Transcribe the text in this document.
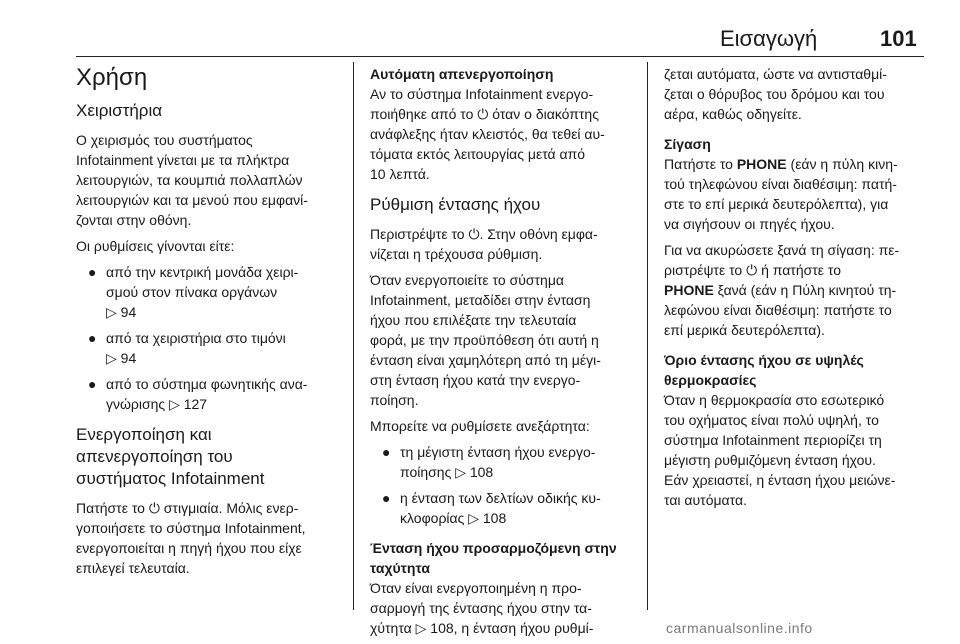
Εισαγωγή	101
Χρήση
Χειριστήρια

Ο χειρισμός του συστήματος
Infotainment γίνεται με τα πλήκτρα
λειτουργιών, τα κουμπιά πολλαπλών
λειτουργιών και τα μενού που εμφανί-
ζονται στην οθόνη.

Οι ρυθμίσεις γίνονται είτε:

● από την κεντρική μονάδα χειρι-
σμού στον πίνακα οργάνων
▷ 94
● από τα χειριστήρια στο τιμόνι
▷ 94
● από το σύστημα φωνητικής ανα-
γνώρισης ▷ 127
Ενεργοποίηση και
απενεργοποίηση του
συστήματος Infotainment

Πατήστε το ⏻ στιγμιαία. Μόλις ενερ-
γοποιήσετε το σύστημα Infotainment,
ενεργοποιείται η πηγή ήχου που είχε
επιλεγεί τελευταία.

Αυτόματη απενεργοποίηση

Αν το σύστημα Infotainment ενεργο-
ποιήθηκε από το ⏻ όταν ο διακόπτης
ανάφλεξης ήταν κλειστός, θα τεθεί αυ-
τόματα εκτός λειτουργίας μετά από
10 λεπτά.

Ρύθμιση έντασης ήχου

Περιστρέψτε το ⏻. Στην οθόνη εμφα-
νίζεται η τρέχουσα ρύθμιση.

Όταν ενεργοποιείτε το σύστημα
Infotainment, μεταδίδει στην ένταση
ήχου που επιλέξατε την τελευταία
φορά, με την προϋπόθεση ότι αυτή η
ένταση είναι χαμηλότερη από τη μέγι-
στη ένταση ήχου κατά την ενεργο-
ποίηση.

Μπορείτε να ρυθμίσετε ανεξάρτητα:

● τη μέγιστη ένταση ήχου ενεργο-
ποίησης ▷ 108
● η ένταση των δελτίων οδικής κυ-
κλοφορίας ▷ 108
Ένταση ήχου προσαρμοζόμενη στην
ταχύτητα

Όταν είναι ενεργοποιημένη η προ-
σαρμογή της έντασης ήχου στην τα-
χύτητα ▷ 108, η ένταση ήχου ρυθμί-

ζεται αυτόματα, ώστε να αντισταθμί-
ζεται ο θόρυβος του δρόμου και του
αέρα, καθώς οδηγείτε.

Σίγαση

Πατήστε το PHONE (εάν η πύλη κινη-
τού τηλεφώνου είναι διαθέσιμη: πατή-
στε το επί μερικά δευτερόλεπτα), για
να σιγήσουν οι πηγές ήχου.

Για να ακυρώσετε ξανά τη σίγαση: πε-
ριστρέψτε το ⏻ ή πατήστε το
PHONE ξανά (εάν η Πύλη κινητού τη-
λεφώνου είναι διαθέσιμη: πατήστε το
επί μερικά δευτερόλεπτα).

Όριο έντασης ήχου σε υψηλές
θερμοκρασίες

Όταν η θερμοκρασία στο εσωτερικό
του οχήματος είναι πολύ υψηλή, το
σύστημα Infotainment περιορίζει τη
μέγιστη ρυθμιζόμενη ένταση ήχου.
Εάν χρειαστεί, η ένταση ήχου μειώνε-
ται αυτόματα.

carmanualsonline.info
